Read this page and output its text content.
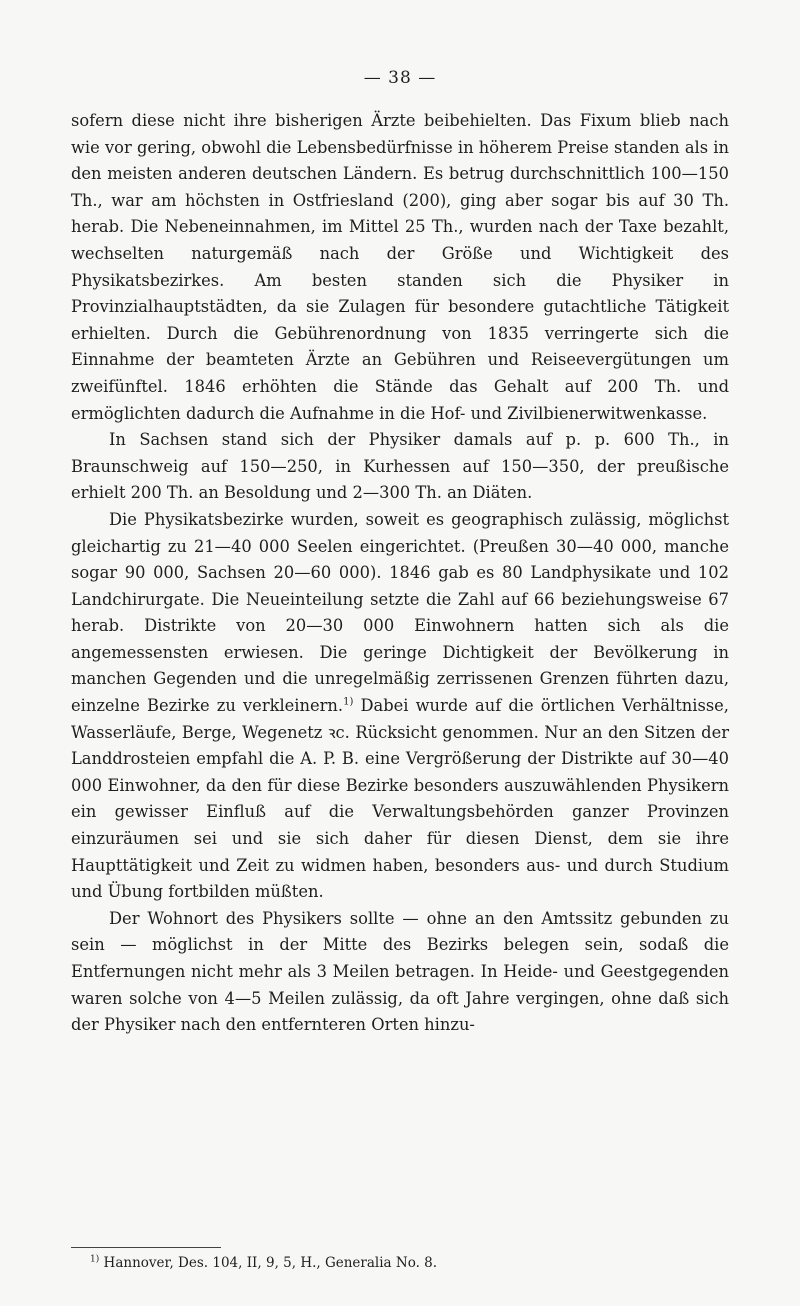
— 38 —

sofern diese nicht ihre bisherigen Ärzte beibehielten. Das Fixum blieb nach wie vor gering, obwohl die Lebensbedürfnisse in höherem Preise standen als in den meisten anderen deutschen Ländern. Es betrug durchschnittlich 100—150 Th., war am höchsten in Ostfriesland (200), ging aber sogar bis auf 30 Th. herab. Die Nebeneinnahmen, im Mittel 25 Th., wurden nach der Taxe bezahlt, wechselten naturgemäß nach der Größe und Wichtigkeit des Physikatsbezirkes. Am besten standen sich die Physiker in Provinzialhauptstädten, da sie Zulagen für besondere gutachtliche Tätigkeit erhielten. Durch die Gebührenordnung von 1835 verringerte sich die Einnahme der beamteten Ärzte an Gebühren und Reiseevergütungen um zweifünftel. 1846 erhöhten die Stände das Gehalt auf 200 Th. und ermöglichten dadurch die Aufnahme in die Hof- und Zivilbienerwitwenkasse.

In Sachsen stand sich der Physiker damals auf p. p. 600 Th., in Braunschweig auf 150—250, in Kurhessen auf 150—350, der preußische erhielt 200 Th. an Besoldung und 2—300 Th. an Diäten.

Die Physikatsbezirke wurden, soweit es geographisch zulässig, möglichst gleichartig zu 21—40 000 Seelen eingerichtet. (Preußen 30—40 000, manche sogar 90 000, Sachsen 20—60 000). 1846 gab es 80 Landphysikate und 102 Landchirurgate. Die Neueinteilung setzte die Zahl auf 66 beziehungsweise 67 herab. Distrikte von 20—30 000 Einwohnern hatten sich als die angemessensten erwiesen. Die geringe Dichtigkeit der Bevölkerung in manchen Gegenden und die unregelmäßig zerrissenen Grenzen führten dazu, einzelne Bezirke zu verkleinern.$^{1)}$ Dabei wurde auf die örtlichen Verhältnisse, Wasserläufe, Berge, Wegenetz ꝛc. Rücksicht genommen. Nur an den Sitzen der Landdrosteien empfahl die A. P. B. eine Vergrößerung der Distrikte auf 30—40 000 Einwohner, da den für diese Bezirke besonders auszuwählenden Physikern ein gewisser Einfluß auf die Verwaltungsbehörden ganzer Provinzen einzuräumen sei und sie sich daher für diesen Dienst, dem sie ihre Haupttätigkeit und Zeit zu widmen haben, besonders aus- und durch Studium und Übung fortbilden müßten.

Der Wohnort des Physikers sollte — ohne an den Amtssitz gebunden zu sein — möglichst in der Mitte des Bezirks belegen sein, sodaß die Entfernungen nicht mehr als 3 Meilen betragen. In Heide- und Geestgegenden waren solche von 4—5 Meilen zulässig, da oft Jahre vergingen, ohne daß sich der Physiker nach den entfernteren Orten hinzu-

$^{1)}$ Hannover, Des. 104, II, 9, 5, H., Generalia No. 8.
